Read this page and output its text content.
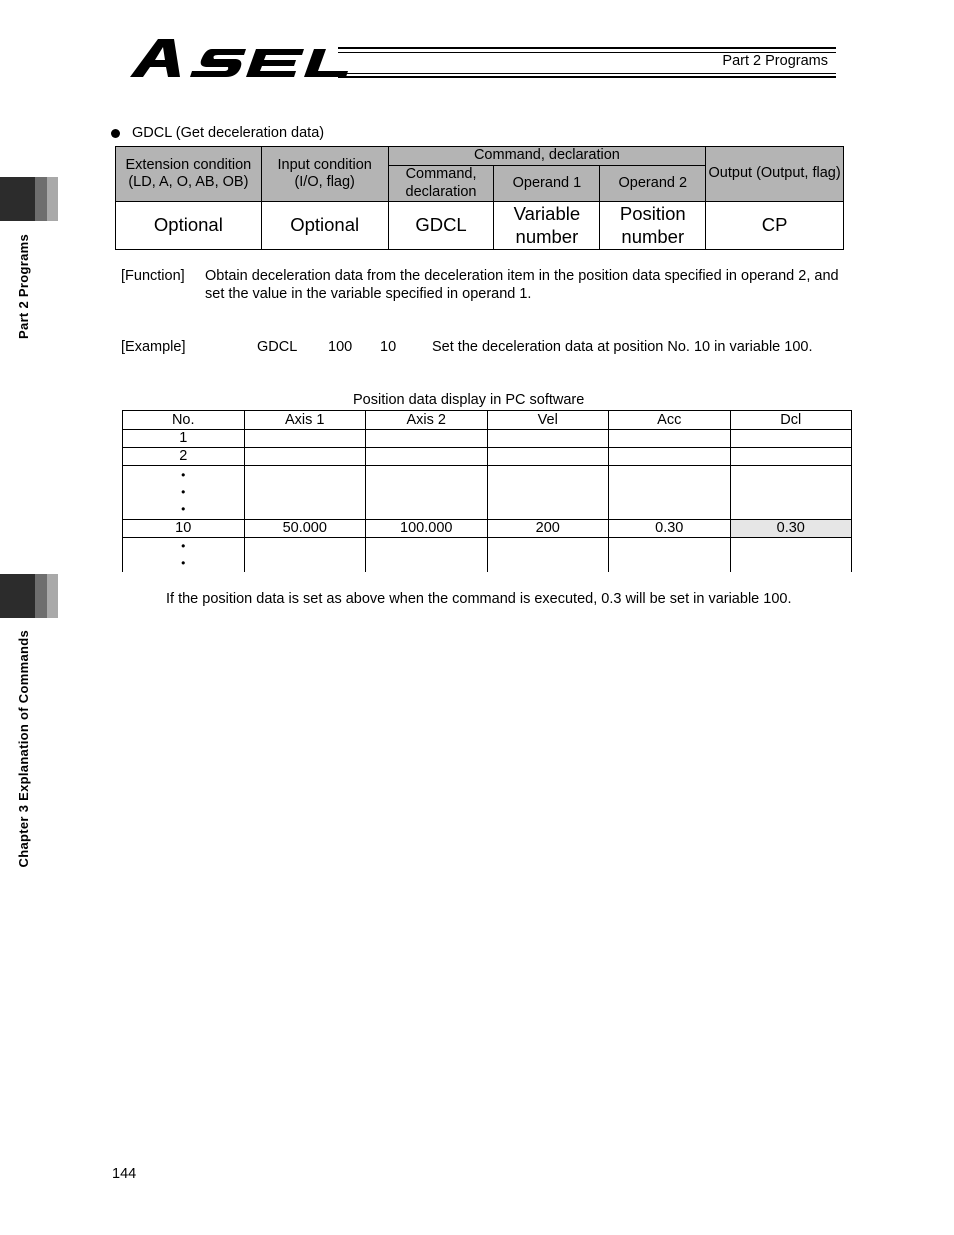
Part 2 Programs
Part 2 Programs
Chapter 3 Explanation of Commands
GDCL (Get deceleration data)
Extension condition (LD, A, O, AB, OB)	Input condition (I/O, flag)	Command, declaration			Output (Output, flag)
		Command, declaration	Operand 1	Operand 2	
Optional	Optional	GDCL	Variable number	Position number	CP
[Function] Obtain deceleration data from the deceleration item in the position data specified in operand 2, and set the value in the variable specified in operand 1.
[Example]	GDCL 100 10 Set the deceleration data at position No. 10 in variable 100.
Position data display in PC software
No.	Axis 1	Axis 2	Vel	Acc	Dcl
1					
2					

•
•
•					

10	50.000	100.000	200	0.30	0.30

•
•					

If the position data is set as above when the command is executed, 0.3 will be set in variable 100.
144
